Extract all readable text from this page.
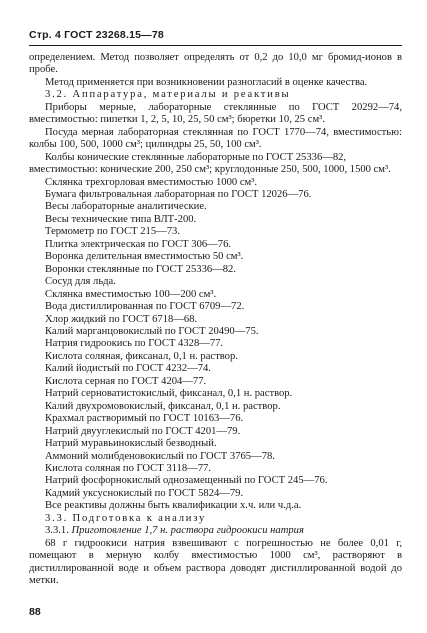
Стр. 4 ГОСТ 23268.15—78

определением. Метод позволяет определять от 0,2 до 10,0 мг бромид-ионов в пробе.

Метод применяется при возникновении разногласий в оценке качества.

3.2. Аппаратура, материалы и реактивы

Приборы мерные, лабораторные стеклянные по ГОСТ 20292—74, вместимостью: пипетки 1, 2, 5, 10, 25, 50 см³; бюретки 10, 25 см³.

Посуда мерная лабораторная стеклянная по ГОСТ 1770—74, вместимостью: колбы 100, 500, 1000 см³; цилиндры 25, 50, 100 см³.

Колбы конические стеклянные лабораторные по ГОСТ 25336—82,

вместимостью: конические 200, 250 см³; круглодонные 250, 500, 1000, 1500 см³.

Склянка трехгорловая вместимостью 1000 см³.

Бумага фильтровальная лабораторная по ГОСТ 12026—76.

Весы лабораторные аналитические.

Весы технические типа ВЛТ-200.

Термометр по ГОСТ 215—73.

Плитка электрическая по ГОСТ 306—76.

Воронка делительная вместимостью 50 см³.

Воронки стеклянные по ГОСТ 25336—82.

Сосуд для льда.

Склянка вместимостью 100—200 см³.

Вода дистиллированная по ГОСТ 6709—72.

Хлор жидкий по ГОСТ 6718—68.

Калий марганцовокислый по ГОСТ 20490—75.

Натрия гидроокись по ГОСТ 4328—77.

Кислота соляная, фиксанал, 0,1 н. раствор.

Калий йодистый по ГОСТ 4232—74.

Кислота серная по ГОСТ 4204—77.

Натрий серноватистокислый, фиксанал, 0,1 н. раствор.

Калий двухромовокислый, фиксанал, 0,1 н. раствор.

Крахмал растворимый по ГОСТ 10163—76.

Натрий двууглекислый по ГОСТ 4201—79.

Натрий муравьинокислый безводный.

Аммоний молибденовокислый по ГОСТ 3765—78.

Кислота соляная по ГОСТ 3118—77.

Натрий фосфорнокислый однозамещенный по ГОСТ 245—76.

Кадмий уксуснокислый по ГОСТ 5824—79.

Все реактивы должны быть квалификации х.ч. или ч.д.а.

3.3. Подготовка к анализу

3.3.1. Приготовление 1,7 н. раствора гидроокиси натрия

68 г гидроокиси натрия взвешивают с погрешностью не более 0,01 г, помещают в мерную колбу вместимостью 1000 см³, растворяют в дистиллированной воде и объем раствора доводят дистиллированной водой до метки.

88
